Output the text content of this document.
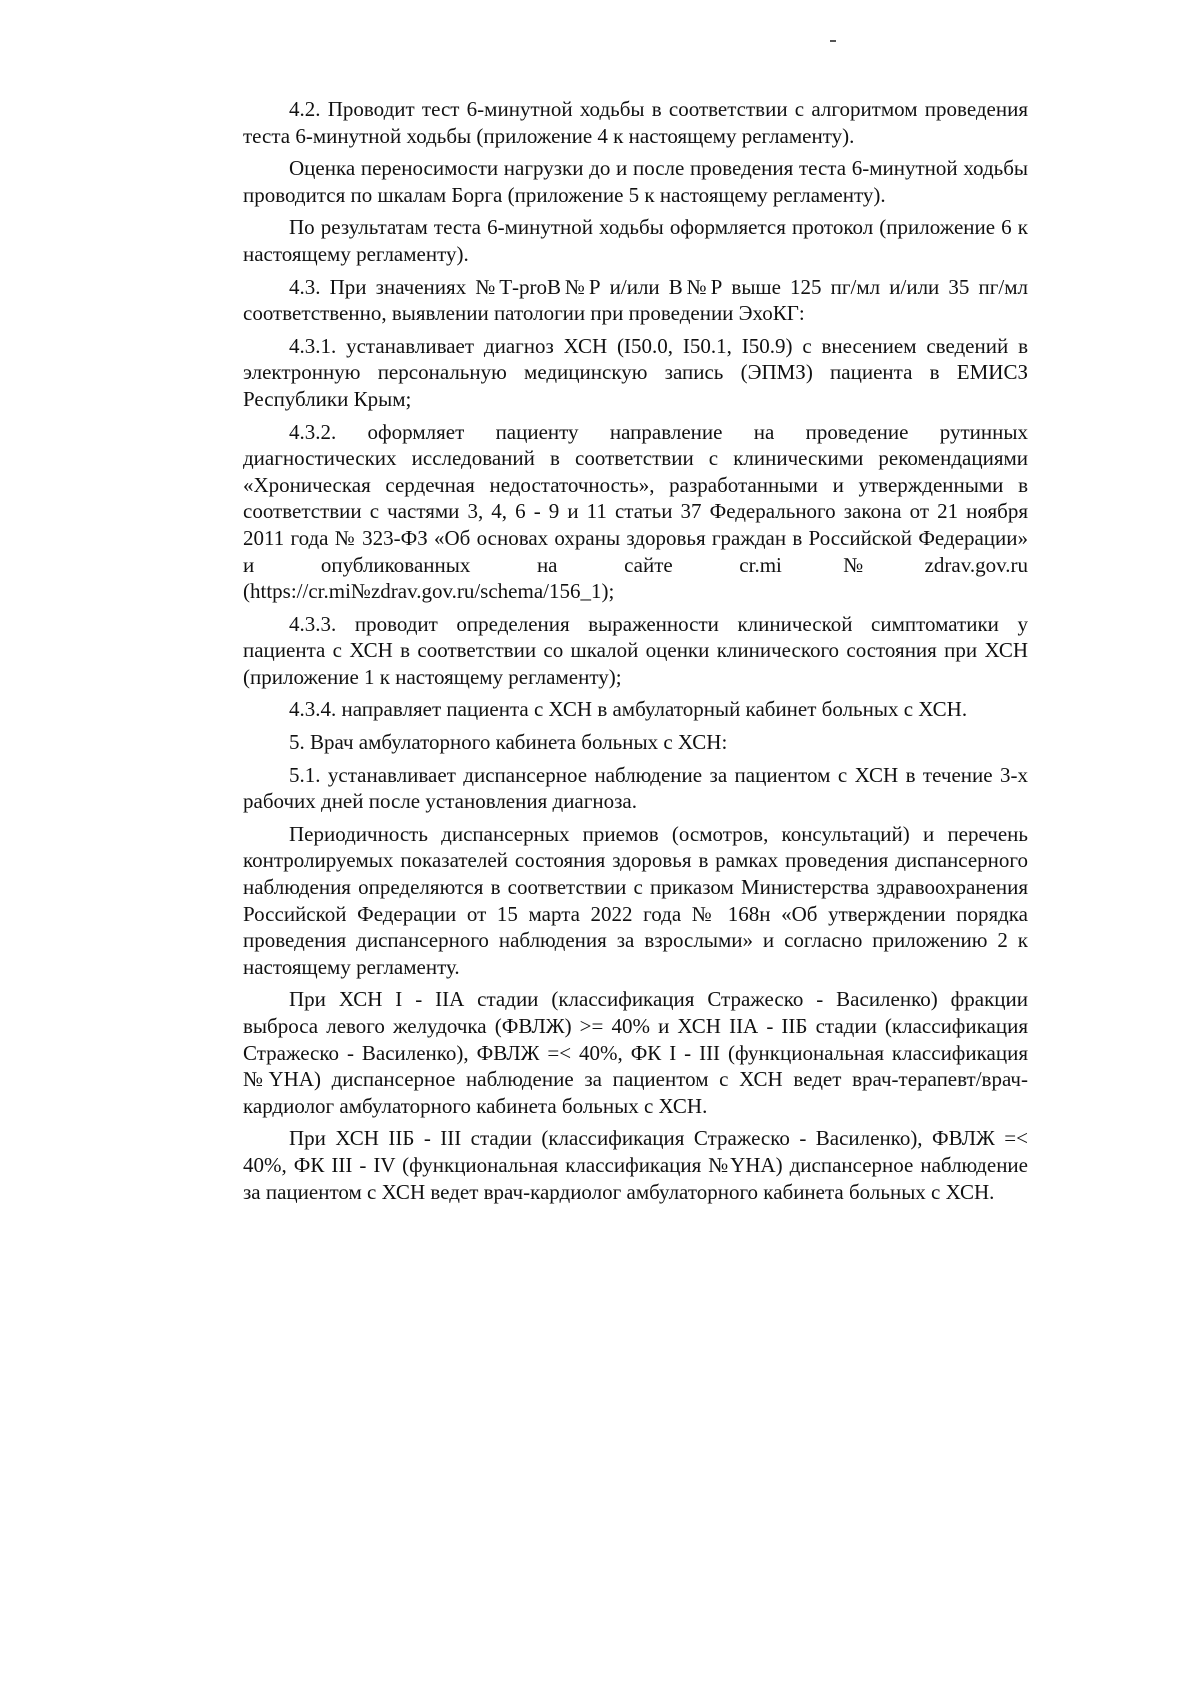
4.2. Проводит тест 6-минутной ходьбы в соответствии с алгоритмом проведения теста 6-минутной ходьбы (приложение 4 к настоящему регламенту).

Оценка переносимости нагрузки до и после проведения теста 6-минутной ходьбы проводится по шкалам Борга (приложение 5 к настоящему регламенту).

По результатам теста 6-минутной ходьбы оформляется протокол (приложение 6 к настоящему регламенту).

4.3. При значениях №Т-proВ№Р и/или В№Р выше 125 пг/мл и/или 35 пг/мл соответственно, выявлении патологии при проведении ЭхоКГ:

4.3.1. устанавливает диагноз ХСН (I50.0, I50.1, I50.9) с внесением сведений в электронную персональную медицинскую запись (ЭПМЗ) пациента в ЕМИСЗ Республики Крым;

4.3.2. оформляет пациенту направление на проведение рутинных диагностических исследований в соответствии с клиническими рекомендациями «Хроническая сердечная недостаточность», разработанными и утвержденными в соответствии с частями 3, 4, 6 - 9 и 11 статьи 37 Федерального закона от 21 ноября 2011 года № 323-ФЗ «Об основах охраны здоровья граждан в Российской Федерации» и опубликованных на сайте cr.mi№zdrav.gov.ru (https://cr.mi№zdrav.gov.ru/schema/156_1);

4.3.3. проводит определения выраженности клинической симптоматики у пациента с ХСН в соответствии со шкалой оценки клинического состояния при ХСН (приложение 1 к настоящему регламенту);

4.3.4. направляет пациента с ХСН в амбулаторный кабинет больных с ХСН.

5. Врач амбулаторного кабинета больных с ХСН:

5.1. устанавливает диспансерное наблюдение за пациентом с ХСН в течение 3-х рабочих дней после установления диагноза.

Периодичность диспансерных приемов (осмотров, консультаций) и перечень контролируемых показателей состояния здоровья в рамках проведения диспансерного наблюдения определяются в соответствии с приказом Министерства здравоохранения Российской Федерации от 15 марта 2022 года № 168н «Об утверждении порядка проведения диспансерного наблюдения за взрослыми» и согласно приложению 2 к настоящему регламенту.

При ХСН I - IIА стадии (классификация Стражеско - Василенко) фракции выброса левого желудочка (ФВЛЖ) >= 40% и ХСН IIА - IIБ стадии (классификация Стражеско - Василенко), ФВЛЖ =< 40%, ФК I - III (функциональная классификация №YHA) диспансерное наблюдение за пациентом с ХСН ведет врач-терапевт/врач-кардиолог амбулаторного кабинета больных с ХСН.

При ХСН IIБ - III стадии (классификация Стражеско - Василенко), ФВЛЖ =< 40%, ФК III - IV (функциональная классификация №YHA) диспансерное наблюдение за пациентом с ХСН ведет врач-кардиолог амбулаторного кабинета больных с ХСН.
